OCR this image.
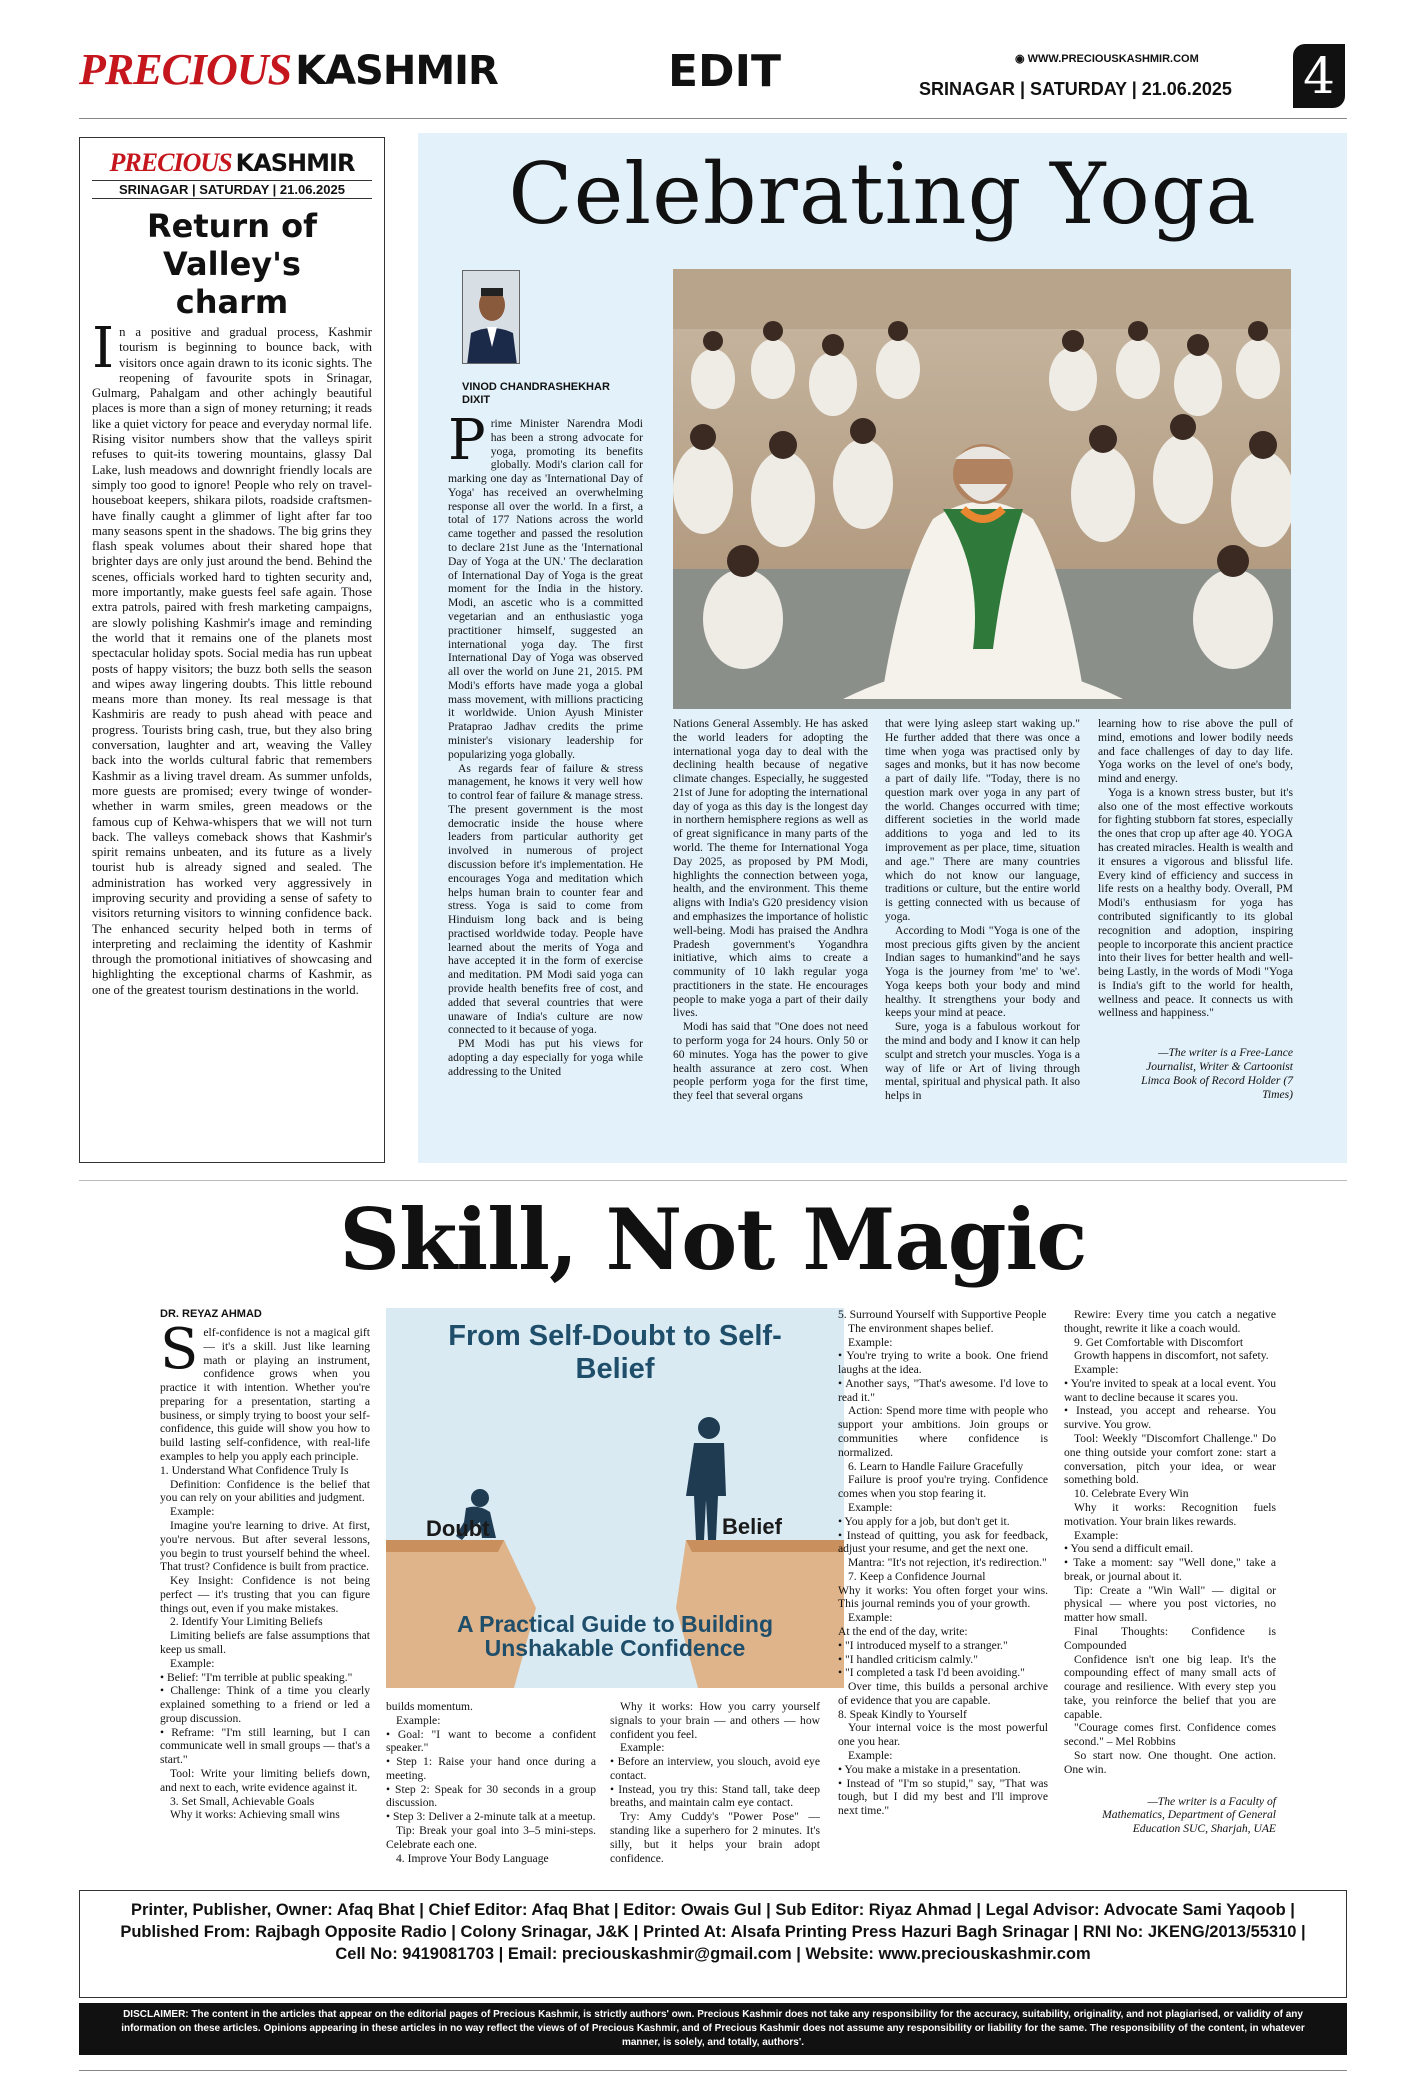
PRECIOUS KASHMIR	EDIT	◉ WWW.PRECIOUSKASHMIR.COM
SRINAGAR | SATURDAY | 21.06.2025 4
PRECIOUS KASHMIR
SRINAGAR | SATURDAY | 21.06.2025
Return of Valley's charm

In a positive and gradual process, Kashmir tourism is beginning to bounce back, with visitors once again drawn to its iconic sights. The reopening of favourite spots in Srinagar, Gulmarg, Pahalgam and other achingly beautiful places is more than a sign of money returning; it reads like a quiet victory for peace and everyday normal life. Rising visitor numbers show that the valleys spirit refuses to quit-its towering mountains, glassy Dal Lake, lush meadows and downright friendly locals are simply too good to ignore! People who rely on travel-houseboat keepers, shikara pilots, roadside craftsmen-have finally caught a glimmer of light after far too many seasons spent in the shadows. The big grins they flash speak volumes about their shared hope that brighter days are only just around the bend. Behind the scenes, officials worked hard to tighten security and, more importantly, make guests feel safe again. Those extra patrols, paired with fresh marketing campaigns, are slowly polishing Kashmir's image and reminding the world that it remains one of the planets most spectacular holiday spots. Social media has run upbeat posts of happy visitors; the buzz both sells the season and wipes away lingering doubts. This little rebound means more than money. Its real message is that Kashmiris are ready to push ahead with peace and progress. Tourists bring cash, true, but they also bring conversation, laughter and art, weaving the Valley back into the worlds cultural fabric that remembers Kashmir as a living travel dream. As summer unfolds, more guests are promised; every twinge of wonder-whether in warm smiles, green meadows or the famous cup of Kehwa-whispers that we will not turn back. The valleys comeback shows that Kashmir's spirit remains unbeaten, and its future as a lively tourist hub is already signed and sealed. The administration has worked very aggressively in improving security and providing a sense of safety to visitors returning visitors to winning confidence back. The enhanced security helped both in terms of interpreting and reclaiming the identity of Kashmir through the promotional initiatives of showcasing and highlighting the exceptional charms of Kashmir, as one of the greatest tourism destinations in the world.

Celebrating Yoga
VINOD CHANDRASHEKHAR DIXIT

Prime Minister Narendra Modi has been a strong advocate for yoga, promoting its benefits globally. Modi's clarion call for marking one day as 'International Day of Yoga' has received an overwhelming response all over the world. In a first, a total of 177 Nations across the world came together and passed the resolution to declare 21st June as the 'International Day of Yoga at the UN.' The declaration of International Day of Yoga is the great moment for the India in the history. Modi, an ascetic who is a committed vegetarian and an enthusiastic yoga practitioner himself, suggested an international yoga day. The first International Day of Yoga was observed all over the world on June 21, 2015. PM Modi's efforts have made yoga a global mass movement, with millions practicing it worldwide. Union Ayush Minister Prataprao Jadhav credits the prime minister's visionary leadership for popularizing yoga globally.

As regards fear of failure & stress management, he knows it very well how to control fear of failure & manage stress. The present government is the most democratic inside the house where leaders from particular authority get involved in numerous of project discussion before it's implementation. He encourages Yoga and meditation which helps human brain to counter fear and stress. Yoga is said to come from Hinduism long back and is being practised worldwide today. People have learned about the merits of Yoga and have accepted it in the form of exercise and meditation. PM Modi said yoga can provide health benefits free of cost, and added that several countries that were unaware of India's culture are now connected to it because of yoga.

PM Modi has put his views for adopting a day especially for yoga while addressing to the United

Nations General Assembly. He has asked the world leaders for adopting the international yoga day to deal with the declining health because of negative climate changes. Especially, he suggested 21st of June for adopting the international day of yoga as this day is the longest day in northern hemisphere regions as well as of great significance in many parts of the world. The theme for International Yoga Day 2025, as proposed by PM Modi, highlights the connection between yoga, health, and the environment. This theme aligns with India's G20 presidency vision and emphasizes the importance of holistic well-being. Modi has praised the Andhra Pradesh government's Yogandhra initiative, which aims to create a community of 10 lakh regular yoga practitioners in the state. He encourages people to make yoga a part of their daily lives.

Modi has said that "One does not need to perform yoga for 24 hours. Only 50 or 60 minutes. Yoga has the power to give health assurance at zero cost. When people perform yoga for the first time, they feel that several organs

that were lying asleep start waking up." He further added that there was once a time when yoga was practised only by sages and monks, but it has now become a part of daily life. "Today, there is no question mark over yoga in any part of the world. Changes occurred with time; different societies in the world made additions to yoga and led to its improvement as per place, time, situation and age." There are many countries which do not know our language, traditions or culture, but the entire world is getting connected with us because of yoga.

According to Modi "Yoga is one of the most precious gifts given by the ancient Indian sages to humankind"and he says Yoga is the journey from 'me' to 'we'. Yoga keeps both your body and mind healthy. It strengthens your body and keeps your mind at peace.

Sure, yoga is a fabulous workout for the mind and body and I know it can help sculpt and stretch your muscles. Yoga is a way of life or Art of living through mental, spiritual and physical path. It also helps in

learning how to rise above the pull of mind, emotions and lower bodily needs and face challenges of day to day life. Yoga works on the level of one's body, mind and energy.

Yoga is a known stress buster, but it's also one of the most effective workouts for fighting stubborn fat stores, especially the ones that crop up after age 40. YOGA has created miracles. Health is wealth and it ensures a vigorous and blissful life. Every kind of efficiency and success in life rests on a healthy body. Overall, PM Modi's enthusiasm for yoga has contributed significantly to its global recognition and adoption, inspiring people to incorporate this ancient practice into their lives for better health and well-being Lastly, in the words of Modi "Yoga is India's gift to the world for health, wellness and peace. It connects us with wellness and happiness."

—The writer is a Free-Lance Journalist, Writer & Cartoonist Limca Book of Record Holder (7 Times)

Skill, Not Magic
DR. REYAZ AHMAD
From Self-Doubt to Self-Belief
Doubt	Belief
A Practical Guide to Building Unshakable Confidence

Self-confidence is not a magical gift — it's a skill. Just like learning math or playing an instrument, confidence grows when you practice it with intention. Whether you're preparing for a presentation, starting a business, or simply trying to boost your self-confidence, this guide will show you how to build lasting self-confidence, with real-life examples to help you apply each principle.

1. Understand What Confidence Truly Is

Definition: Confidence is the belief that you can rely on your abilities and judgment.

Example:

Imagine you're learning to drive. At first, you're nervous. But after several lessons, you begin to trust yourself behind the wheel. That trust? Confidence is built from practice.

Key Insight: Confidence is not being perfect — it's trusting that you can figure things out, even if you make mistakes.

2. Identify Your Limiting Beliefs

Limiting beliefs are false assumptions that keep us small.

Example:

• Belief: "I'm terrible at public speaking."

• Challenge: Think of a time you clearly explained something to a friend or led a group discussion.

• Reframe: "I'm still learning, but I can communicate well in small groups — that's a start."

Tool: Write your limiting beliefs down, and next to each, write evidence against it.

3. Set Small, Achievable Goals

Why it works: Achieving small wins

builds momentum.

Example:

• Goal: "I want to become a confident speaker."

• Step 1: Raise your hand once during a meeting.

• Step 2: Speak for 30 seconds in a group discussion.

• Step 3: Deliver a 2-minute talk at a meetup.

Tip: Break your goal into 3–5 mini-steps. Celebrate each one.

4. Improve Your Body Language

Why it works: How you carry yourself signals to your brain — and others — how confident you feel.

Example:

• Before an interview, you slouch, avoid eye contact.

• Instead, you try this: Stand tall, take deep breaths, and maintain calm eye contact.

Try: Amy Cuddy's "Power Pose" — standing like a superhero for 2 minutes. It's silly, but it helps your brain adopt confidence.

5. Surround Yourself with Supportive People

The environment shapes belief.

Example:

• You're trying to write a book. One friend laughs at the idea.

• Another says, "That's awesome. I'd love to read it."

Action: Spend more time with people who support your ambitions. Join groups or communities where confidence is normalized.

6. Learn to Handle Failure Gracefully

Failure is proof you're trying. Confidence comes when you stop fearing it.

Example:

• You apply for a job, but don't get it.

• Instead of quitting, you ask for feedback, adjust your resume, and get the next one.

Mantra: "It's not rejection, it's redirection."

7. Keep a Confidence Journal

Why it works: You often forget your wins. This journal reminds you of your growth.

Example:

At the end of the day, write:

• "I introduced myself to a stranger."

• "I handled criticism calmly."

• "I completed a task I'd been avoiding."

Over time, this builds a personal archive of evidence that you are capable.

8. Speak Kindly to Yourself

Your internal voice is the most powerful one you hear.

Example:

• You make a mistake in a presentation.

• Instead of "I'm so stupid," say, "That was tough, but I did my best and I'll improve next time."

Rewire: Every time you catch a negative thought, rewrite it like a coach would.

9. Get Comfortable with Discomfort

Growth happens in discomfort, not safety.

Example:

• You're invited to speak at a local event. You want to decline because it scares you.

• Instead, you accept and rehearse. You survive. You grow.

Tool: Weekly "Discomfort Challenge." Do one thing outside your comfort zone: start a conversation, pitch your idea, or wear something bold.

10. Celebrate Every Win

Why it works: Recognition fuels motivation. Your brain likes rewards.

Example:

• You send a difficult email.

• Take a moment: say "Well done," take a break, or journal about it.

Tip: Create a "Win Wall" — digital or physical — where you post victories, no matter how small.

Final Thoughts: Confidence is Compounded

Confidence isn't one big leap. It's the compounding effect of many small acts of courage and resilience. With every step you take, you reinforce the belief that you are capable.

"Courage comes first. Confidence comes second." – Mel Robbins

So start now. One thought. One action. One win.

—The writer is a Faculty of Mathematics, Department of General Education SUC, Sharjah, UAE

Printer, Publisher, Owner: Afaq Bhat | Chief Editor: Afaq Bhat | Editor: Owais Gul | Sub Editor: Riyaz Ahmad | Legal Advisor: Advocate Sami Yaqoob |
Published From: Rajbagh Opposite Radio | Colony Srinagar, J&K | Printed At: Alsafa Printing Press Hazuri Bagh Srinagar | RNI No: JKENG/2013/55310 |
Cell No: 9419081703 | Email: preciouskashmir@gmail.com | Website: www.preciouskashmir.com
DISCLAIMER: The content in the articles that appear on the editorial pages of Precious Kashmir, is strictly authors' own. Precious Kashmir does not take any responsibility for the accuracy, suitability, originality, and not plagiarised, or validity of any information on these articles. Opinions appearing in these articles in no way reflect the views of of Precious Kashmir, and of Precious Kashmir does not assume any responsibility or liability for the same. The responsibility of the content, in whatever manner, is solely, and totally, authors'.
